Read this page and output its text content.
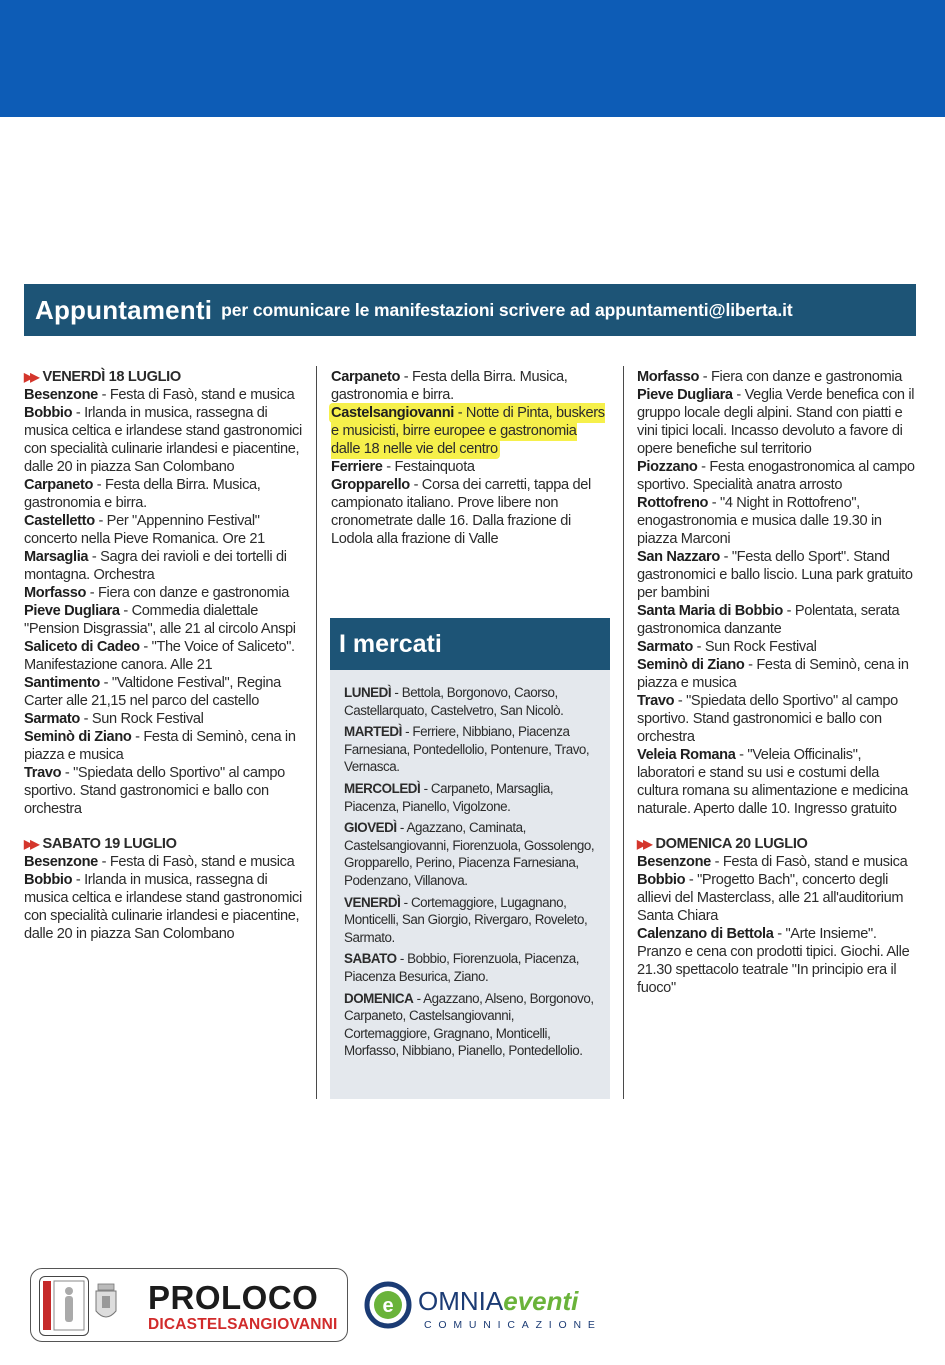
Appuntamenti per comunicare le manifestazioni scrivere ad appuntamenti@liberta.it
▶▶ VENERDÌ 18 LUGLIO
Besenzone - Festa di Fasò, stand e musica
Bobbio - Irlanda in musica, rassegna di musica celtica e irlandese stand gastronomici con specialità culinarie irlandesi e piacentine, dalle 20 in piazza San Colombano
Carpaneto - Festa della Birra. Musica, gastronomia e birra.
Castelletto - Per "Appennino Festival" concerto nella Pieve Romanica. Ore 21
Marsaglia - Sagra dei ravioli e dei tortelli di montagna. Orchestra
Morfasso - Fiera con danze e gastronomia
Pieve Dugliara - Commedia dialettale "Pension Disgrassia", alle 21 al circolo Anspi
Saliceto di Cadeo - "The Voice of Saliceto". Manifestazione canora. Alle 21
Santimento - "Valtidone Festival", Regina Carter alle 21,15 nel parco del castello
Sarmato - Sun Rock Festival
Seminò di Ziano - Festa di Seminò, cena in piazza e musica
Travo - "Spiedata dello Sportivo" al campo sportivo. Stand gastronomici e ballo con orchestra
▶▶ SABATO 19 LUGLIO
Besenzone - Festa di Fasò, stand e musica
Bobbio - Irlanda in musica, rassegna di musica celtica e irlandese stand gastronomici con specialità culinarie irlandesi e piacentine, dalle 20 in piazza San Colombano
Carpaneto - Festa della Birra. Musica, gastronomia e birra.
Castelsangiovanni - Notte di Pinta, buskers e musicisti, birre europee e gastronomia dalle 18 nelle vie del centro
Ferriere - Festainquota
Gropparello - Corsa dei carretti, tappa del campionato italiano. Prove libere non cronometrate dalle 16. Dalla frazione di Lodola alla frazione di Valle
I mercati
LUNEDÌ - Bettola, Borgonovo, Caorso, Castellarquato, Castelvetro, San Nicolò.
MARTEDÌ - Ferriere, Nibbiano, Piacenza Farnesiana, Pontedellolio, Pontenure, Travo, Vernasca.
MERCOLEDÌ - Carpaneto, Marsaglia, Piacenza, Pianello, Vigolzone.
GIOVEDÌ - Agazzano, Caminata, Castelsangiovanni, Fiorenzuola, Gossolengo, Gropparello, Perino, Piacenza Farnesiana, Podenzano, Villanova.
VENERDÌ - Cortemaggiore, Lugagnano, Monticelli, San Giorgio, Rivergaro, Roveleto, Sarmato.
SABATO - Bobbio, Fiorenzuola, Piacenza, Piacenza Besurica, Ziano.
DOMENICA - Agazzano, Alseno, Borgonovo, Carpaneto, Castelsangiovanni, Cortemaggiore, Gragnano, Monticelli, Morfasso, Nibbiano, Pianello, Pontedellolio.
Morfasso - Fiera con danze e gastronomia
Pieve Dugliara - Veglia Verde benefica con il gruppo locale degli alpini. Stand con piatti e vini tipici locali. Incasso devoluto a favore di opere benefiche sul territorio
Piozzano - Festa enogastronomica al campo sportivo. Specialità anatra arrosto
Rottofreno - "4 Night in Rottofreno", enogastronomia e musica dalle 19.30 in piazza Marconi
San Nazzaro - "Festa dello Sport". Stand gastronomici e ballo liscio. Luna park gratuito per bambini
Santa Maria di Bobbio - Polentata, serata gastronomica danzante
Sarmato - Sun Rock Festival
Seminò di Ziano - Festa di Seminò, cena in piazza e musica
Travo - "Spiedata dello Sportivo" al campo sportivo. Stand gastronomici e ballo con orchestra
Veleia Romana - "Veleia Officinalis", laboratori e stand su usi e costumi della cultura romana su alimentazione e medicina naturale. Aperto dalle 10. Ingresso gratuito
▶▶ DOMENICA 20 LUGLIO
Besenzone - Festa di Fasò, stand e musica
Bobbio - "Progetto Bach", concerto degli allievi del Masterclass, alle 21 all'auditorium Santa Chiara
Calenzano di Bettola - "Arte Insieme". Pranzo e cena con prodotti tipici. Giochi. Alle 21.30 spettacolo teatrale "In principio era il fuoco"
PROLOCO
DICASTELSANGIOVANNI
e OMNIAeventi
COMUNICAZIONE
